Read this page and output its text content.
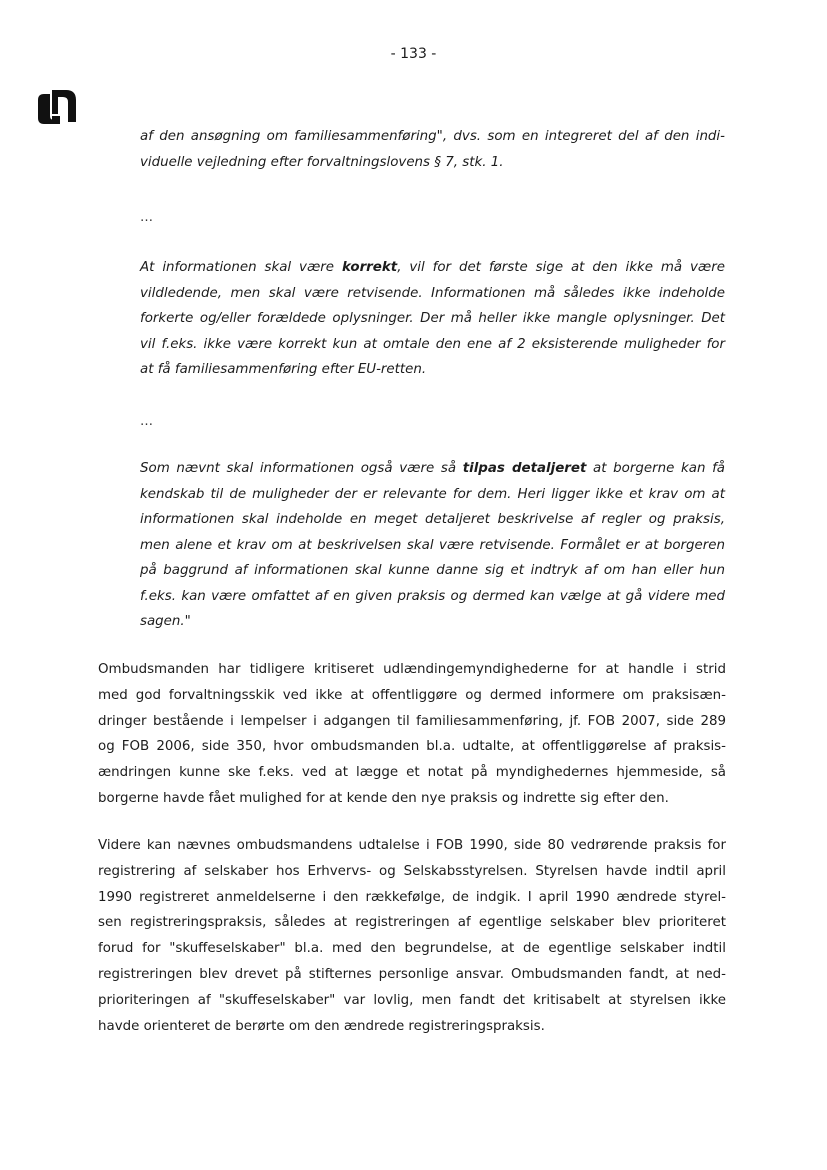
- 133 -
af den ansøgning om familiesammenføring", dvs. som en integreret del af den indi-
viduelle vejledning efter forvaltningslovens § 7, stk. 1.
…
At informationen skal være korrekt, vil for det første sige at den ikke må være
vildledende, men skal være retvisende. Informationen må således ikke indeholde
forkerte og/eller forældede oplysninger. Der må heller ikke mangle oplysninger. Det
vil f.eks. ikke være korrekt kun at omtale den ene af 2 eksisterende muligheder for
at få familiesammenføring efter EU-retten.
…
Som nævnt skal informationen også være så tilpas detaljeret at borgerne kan få
kendskab til de muligheder der er relevante for dem. Heri ligger ikke et krav om at
informationen skal indeholde en meget detaljeret beskrivelse af regler og praksis,
men alene et krav om at beskrivelsen skal være retvisende. Formålet er at borgeren
på baggrund af informationen skal kunne danne sig et indtryk af om han eller hun
f.eks. kan være omfattet af en given praksis og dermed kan vælge at gå videre med
sagen."
Ombudsmanden har tidligere kritiseret udlændingemyndighederne for at handle i strid
med god forvaltningsskik ved ikke at offentliggøre og dermed informere om praksisæn-
dringer bestående i lempelser i adgangen til familiesammenføring, jf. FOB 2007, side 289
og FOB 2006, side 350, hvor ombudsmanden bl.a. udtalte, at offentliggørelse af praksis-
ændringen kunne ske f.eks. ved at lægge et notat på myndighedernes hjemmeside, så
borgerne havde fået mulighed for at kende den nye praksis og indrette sig efter den.
Videre kan nævnes ombudsmandens udtalelse i FOB 1990, side 80 vedrørende praksis for
registrering af selskaber hos Erhvervs- og Selskabsstyrelsen. Styrelsen havde indtil april
1990 registreret anmeldelserne i den rækkefølge, de indgik. I april 1990 ændrede styrel-
sen registreringspraksis, således at registreringen af egentlige selskaber blev prioriteret
forud for "skuffeselskaber" bl.a. med den begrundelse, at de egentlige selskaber indtil
registreringen blev drevet på stifternes personlige ansvar. Ombudsmanden fandt, at ned-
prioriteringen af "skuffeselskaber" var lovlig, men fandt det kritisabelt at styrelsen ikke
havde orienteret de berørte om den ændrede registreringspraksis.
